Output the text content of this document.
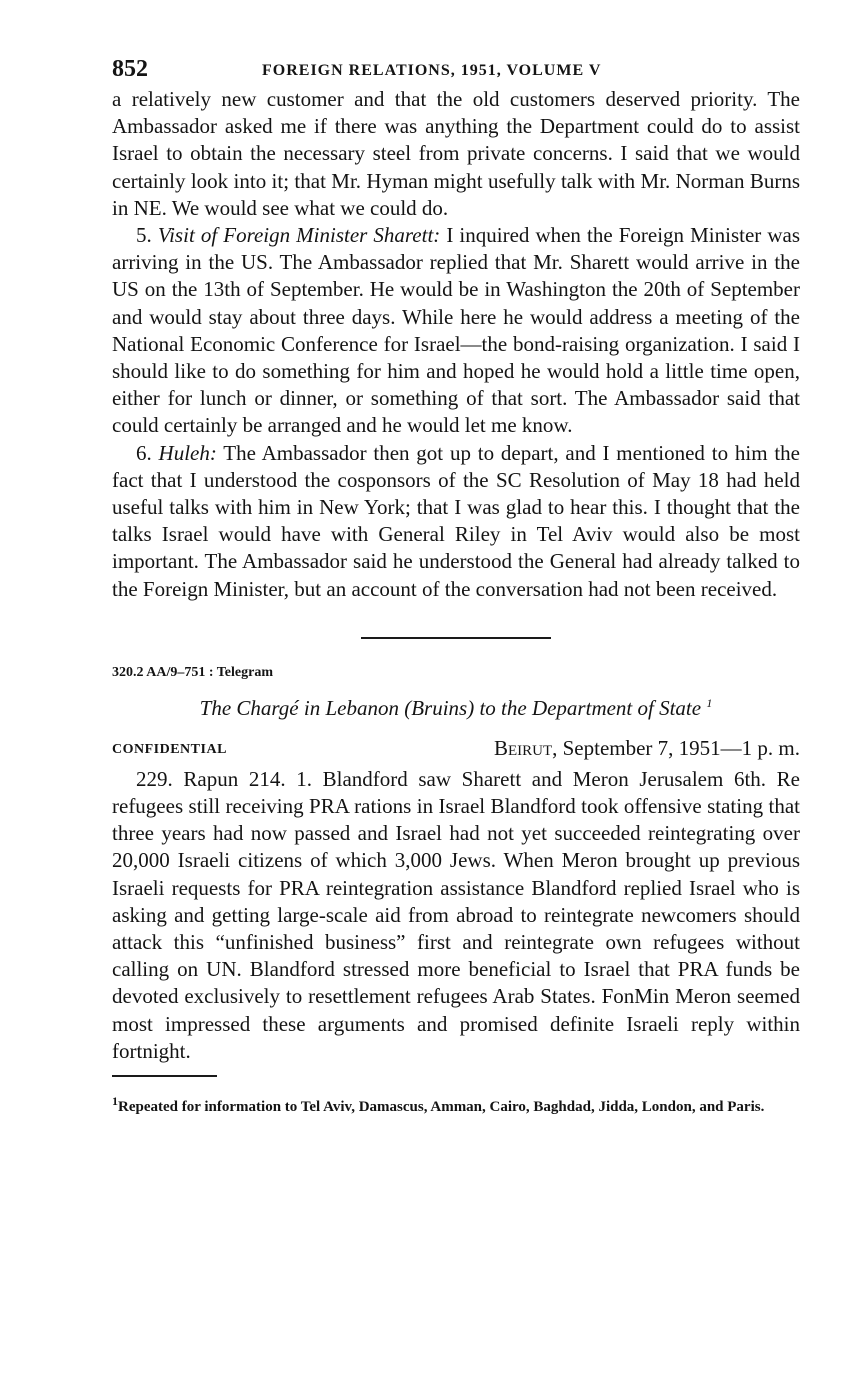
852	FOREIGN RELATIONS, 1951, VOLUME V

a relatively new customer and that the old customers deserved priority. The Ambassador asked me if there was anything the Department could do to assist Israel to obtain the necessary steel from private concerns. I said that we would certainly look into it; that Mr. Hyman might usefully talk with Mr. Norman Burns in NE. We would see what we could do.

5. Visit of Foreign Minister Sharett: I inquired when the Foreign Minister was arriving in the US. The Ambassador replied that Mr. Sharett would arrive in the US on the 13th of September. He would be in Washington the 20th of September and would stay about three days. While here he would address a meeting of the National Economic Conference for Israel—the bond-raising organization. I said I should like to do something for him and hoped he would hold a little time open, either for lunch or dinner, or something of that sort. The Ambassador said that could certainly be arranged and he would let me know.

6. Huleh: The Ambassador then got up to depart, and I mentioned to him the fact that I understood the cosponsors of the SC Resolution of May 18 had held useful talks with him in New York; that I was glad to hear this. I thought that the talks Israel would have with General Riley in Tel Aviv would also be most important. The Ambassador said he understood the General had already talked to the Foreign Minister, but an account of the conversation had not been received.

320.2 AA/9–751 : Telegram
The Chargé in Lebanon (Bruins) to the Department of State $^1$
CONFIDENTIAL	Beirut, September 7, 1951—1 p. m.

229. Rapun 214. 1. Blandford saw Sharett and Meron Jerusalem 6th. Re refugees still receiving PRA rations in Israel Blandford took offensive stating that three years had now passed and Israel had not yet succeeded reintegrating over 20,000 Israeli citizens of which 3,000 Jews. When Meron brought up previous Israeli requests for PRA reintegration assistance Blandford replied Israel who is asking and getting large-scale aid from abroad to reintegrate newcomers should attack this “unfinished business” first and reintegrate own refugees without calling on UN. Blandford stressed more beneficial to Israel that PRA funds be devoted exclusively to resettlement refugees Arab States. FonMin Meron seemed most impressed these arguments and promised definite Israeli reply within fortnight.

$^1$Repeated for information to Tel Aviv, Damascus, Amman, Cairo, Baghdad, Jidda, London, and Paris.
